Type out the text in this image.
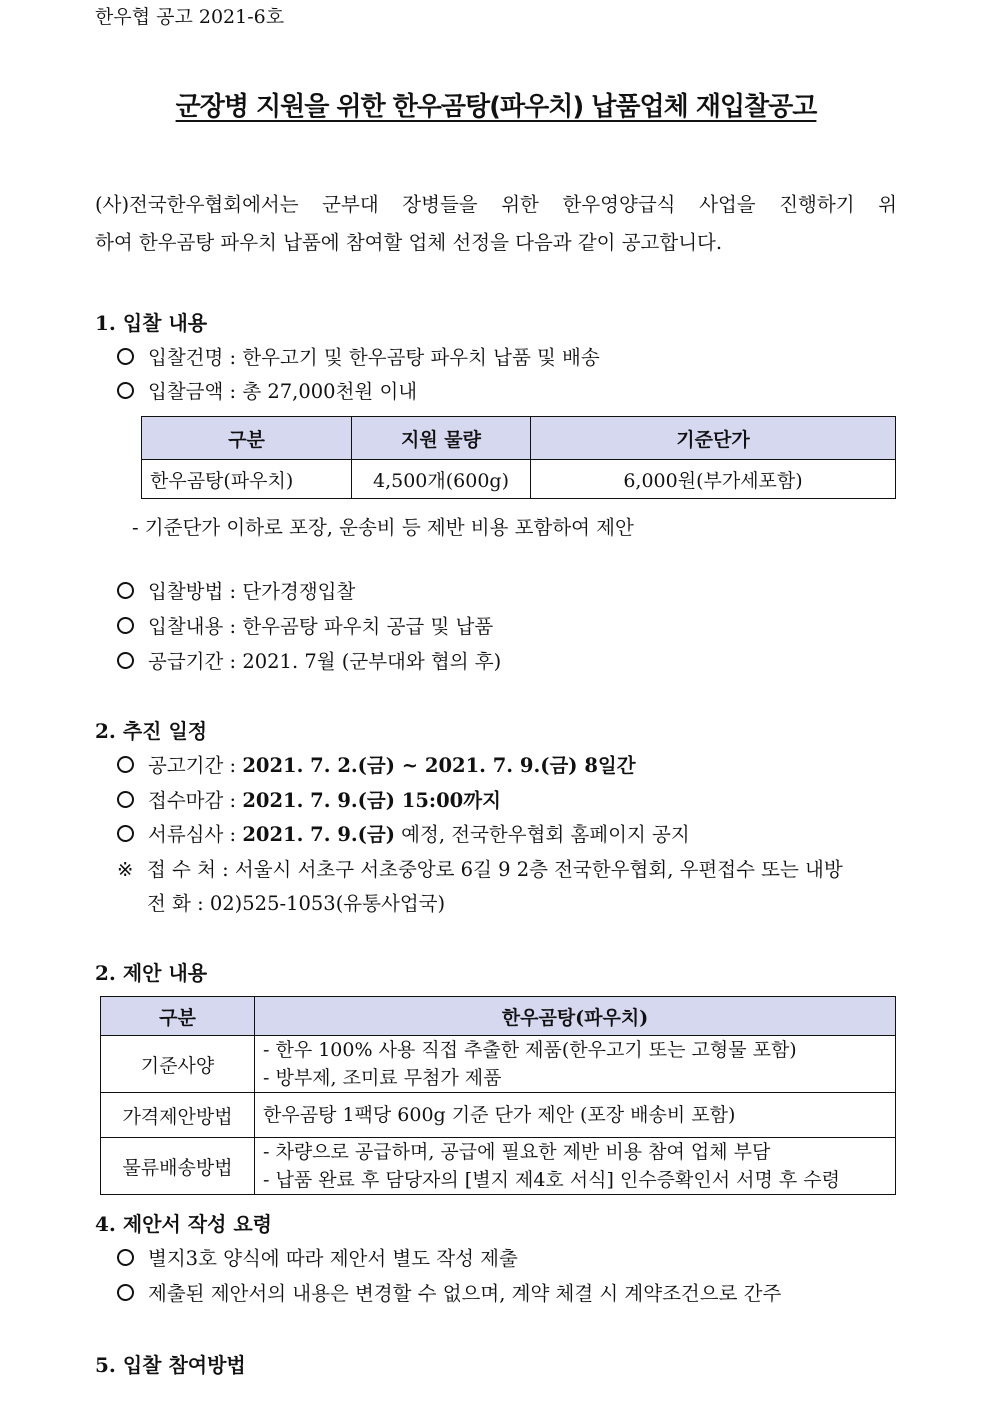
한우협 공고 2021-6호
군장병 지원을 위한 한우곰탕(파우치) 납품업체 재입찰공고
(사)전국한우협회에서는 군부대 장병들을 위한 한우영양급식 사업을 진행하기 위
하여 한우곰탕 파우치 납품에 참여할 업체 선정을 다음과 같이 공고합니다.
1. 입찰 내용
입찰건명 : 한우고기 및 한우곰탕 파우치 납품 및 배송
입찰금액 : 총 27,000천원 이내
구분	지원 물량	기준단가
한우곰탕(파우치)	4,500개(600g)	6,000원(부가세포함)
- 기준단가 이하로 포장, 운송비 등 제반 비용 포함하여 제안
입찰방법 : 단가경쟁입찰
입찰내용 : 한우곰탕 파우치 공급 및 납품
공급기간 : 2021. 7월 (군부대와 협의 후)
2. 추진 일정
공고기간 : 2021. 7. 2.(금) ~ 2021. 7. 9.(금) 8일간
접수마감 : 2021. 7. 9.(금) 15:00까지
서류심사 : 2021. 7. 9.(금) 예정, 전국한우협회 홈페이지 공지
※ 접 수 처 : 서울시 서초구 서초중앙로 6길 9 2층 전국한우협회, 우편접수 또는 내방
전 화 : 02)525-1053(유통사업국)
2. 제안 내용
구분	한우곰탕(파우치)
기준사양	- 한우 100% 사용 직접 추출한 제품(한우고기 또는 고형물 포함)
- 방부제, 조미료 무첨가 제품

가격제안방법	한우곰탕 1팩당 600g 기준 단가 제안 (포장 배송비 포함)

물류배송방법	- 차량으로 공급하며, 공급에 필요한 제반 비용 참여 업체 부담
- 납품 완료 후 담당자의 [별지 제4호 서식] 인수증확인서 서명 후 수령
4. 제안서 작성 요령
별지3호 양식에 따라 제안서 별도 작성 제출
제출된 제안서의 내용은 변경할 수 없으며, 계약 체결 시 계약조건으로 간주
5. 입찰 참여방법
